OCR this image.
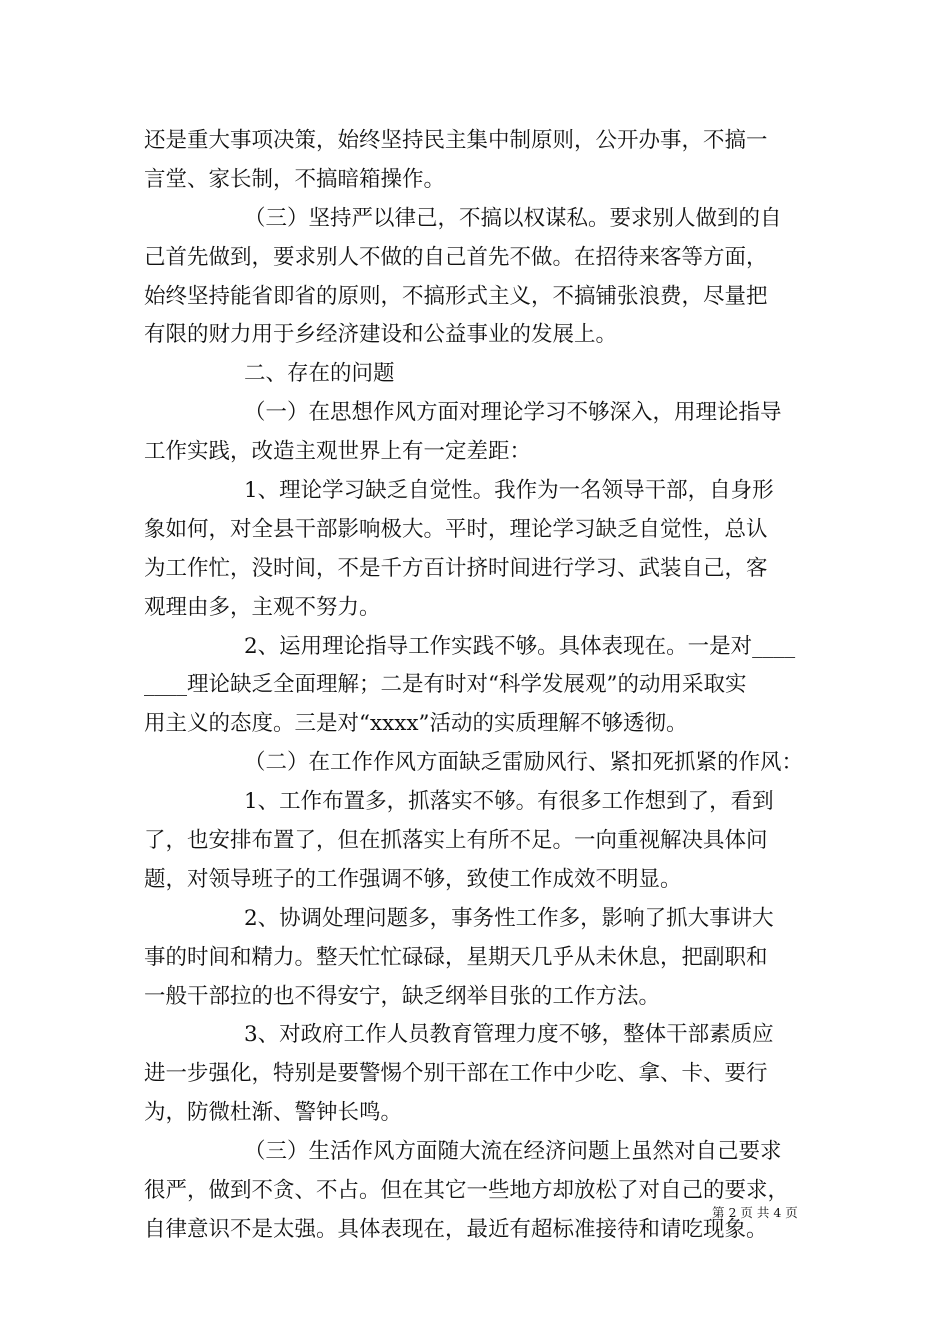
还是重大事项决策，始终坚持民主集中制原则，公开办事，不搞一
言堂、家长制，不搞暗箱操作。
（三）坚持严以律己，不搞以权谋私。要求别人做到的自
己首先做到，要求别人不做的自己首先不做。在招待来客等方面，
始终坚持能省即省的原则，不搞形式主义，不搞铺张浪费，尽量把
有限的财力用于乡经济建设和公益事业的发展上。
二、存在的问题
（一）在思想作风方面对理论学习不够深入，用理论指导
工作实践，改造主观世界上有一定差距：
1、理论学习缺乏自觉性。我作为一名领导干部，自身形
象如何，对全县干部影响极大。平时，理论学习缺乏自觉性，总认
为工作忙，没时间，不是千方百计挤时间进行学习、武装自己，客
观理由多，主观不努力。
2、运用理论指导工作实践不够。具体表现在。一是对____
____理论缺乏全面理解；二是有时对“科学发展观”的动用采取实
用主义的态度。三是对“xxxx”活动的实质理解不够透彻。
（二）在工作作风方面缺乏雷励风行、紧扣死抓紧的作风：
1、工作布置多，抓落实不够。有很多工作想到了，看到
了，也安排布置了，但在抓落实上有所不足。一向重视解决具体问
题，对领导班子的工作强调不够，致使工作成效不明显。
2、协调处理问题多，事务性工作多，影响了抓大事讲大
事的时间和精力。整天忙忙碌碌，星期天几乎从未休息，把副职和
一般干部拉的也不得安宁，缺乏纲举目张的工作方法。
3、对政府工作人员教育管理力度不够，整体干部素质应
进一步强化，特别是要警惕个别干部在工作中少吃、拿、卡、要行
为，防微杜渐、警钟长鸣。
（三）生活作风方面随大流在经济问题上虽然对自己要求
很严，做到不贪、不占。但在其它一些地方却放松了对自己的要求，
自律意识不是太强。具体表现在，最近有超标准接待和请吃现象。
第 2 页 共 4 页
